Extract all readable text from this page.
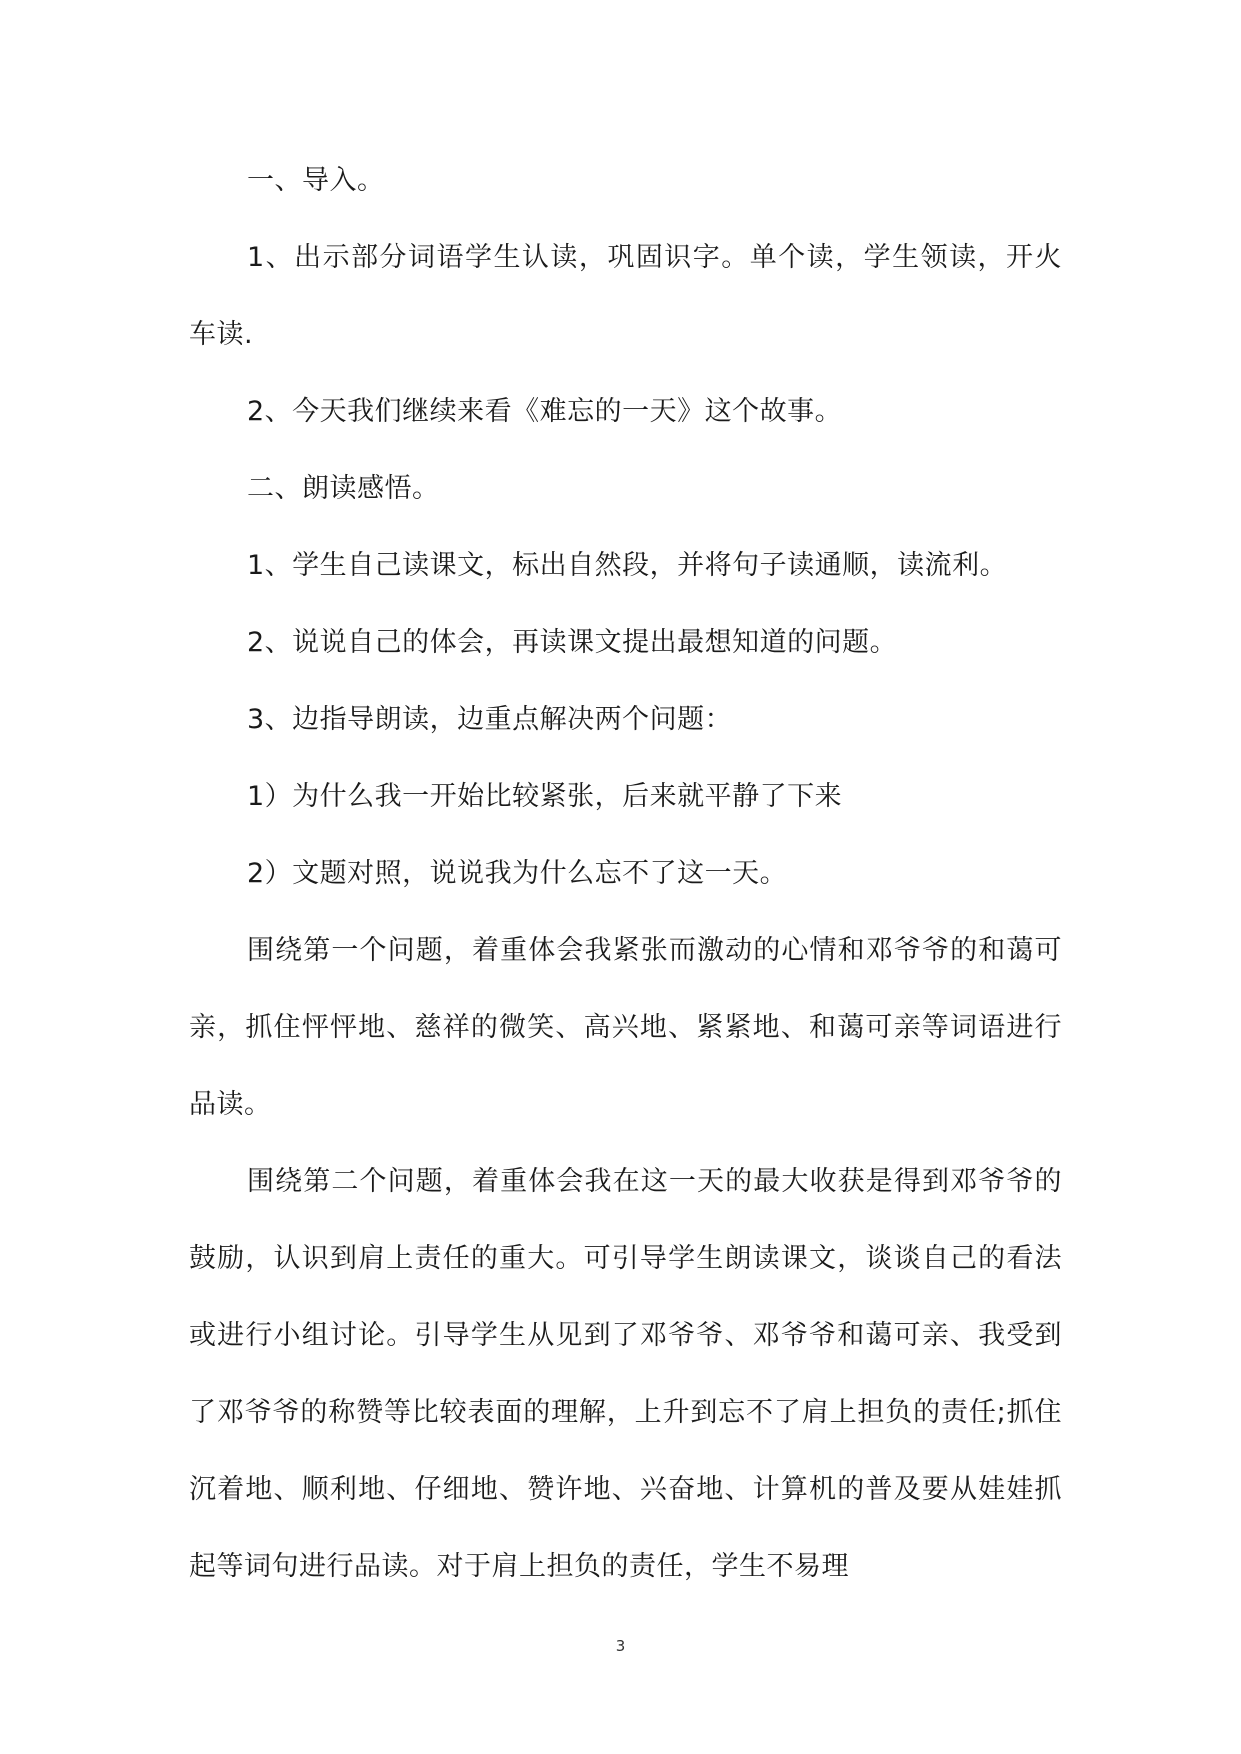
一、导入。

1、出示部分词语学生认读，巩固识字。单个读，学生领读，开火车读.

2、今天我们继续来看《难忘的一天》这个故事。

二、朗读感悟。

1、学生自己读课文，标出自然段，并将句子读通顺，读流利。

2、说说自己的体会，再读课文提出最想知道的问题。

3、边指导朗读，边重点解决两个问题：

1）为什么我一开始比较紧张，后来就平静了下来

2）文题对照，说说我为什么忘不了这一天。

围绕第一个问题，着重体会我紧张而激动的心情和邓爷爷的和蔼可亲，抓住怦怦地、慈祥的微笑、高兴地、紧紧地、和蔼可亲等词语进行品读。

围绕第二个问题，着重体会我在这一天的最大收获是得到邓爷爷的鼓励，认识到肩上责任的重大。可引导学生朗读课文，谈谈自己的看法或进行小组讨论。引导学生从见到了邓爷爷、邓爷爷和蔼可亲、我受到了邓爷爷的称赞等比较表面的理解，上升到忘不了肩上担负的责任;抓住沉着地、顺利地、仔细地、赞许地、兴奋地、计算机的普及要从娃娃抓起等词句进行品读。对于肩上担负的责任，学生不易理

3
